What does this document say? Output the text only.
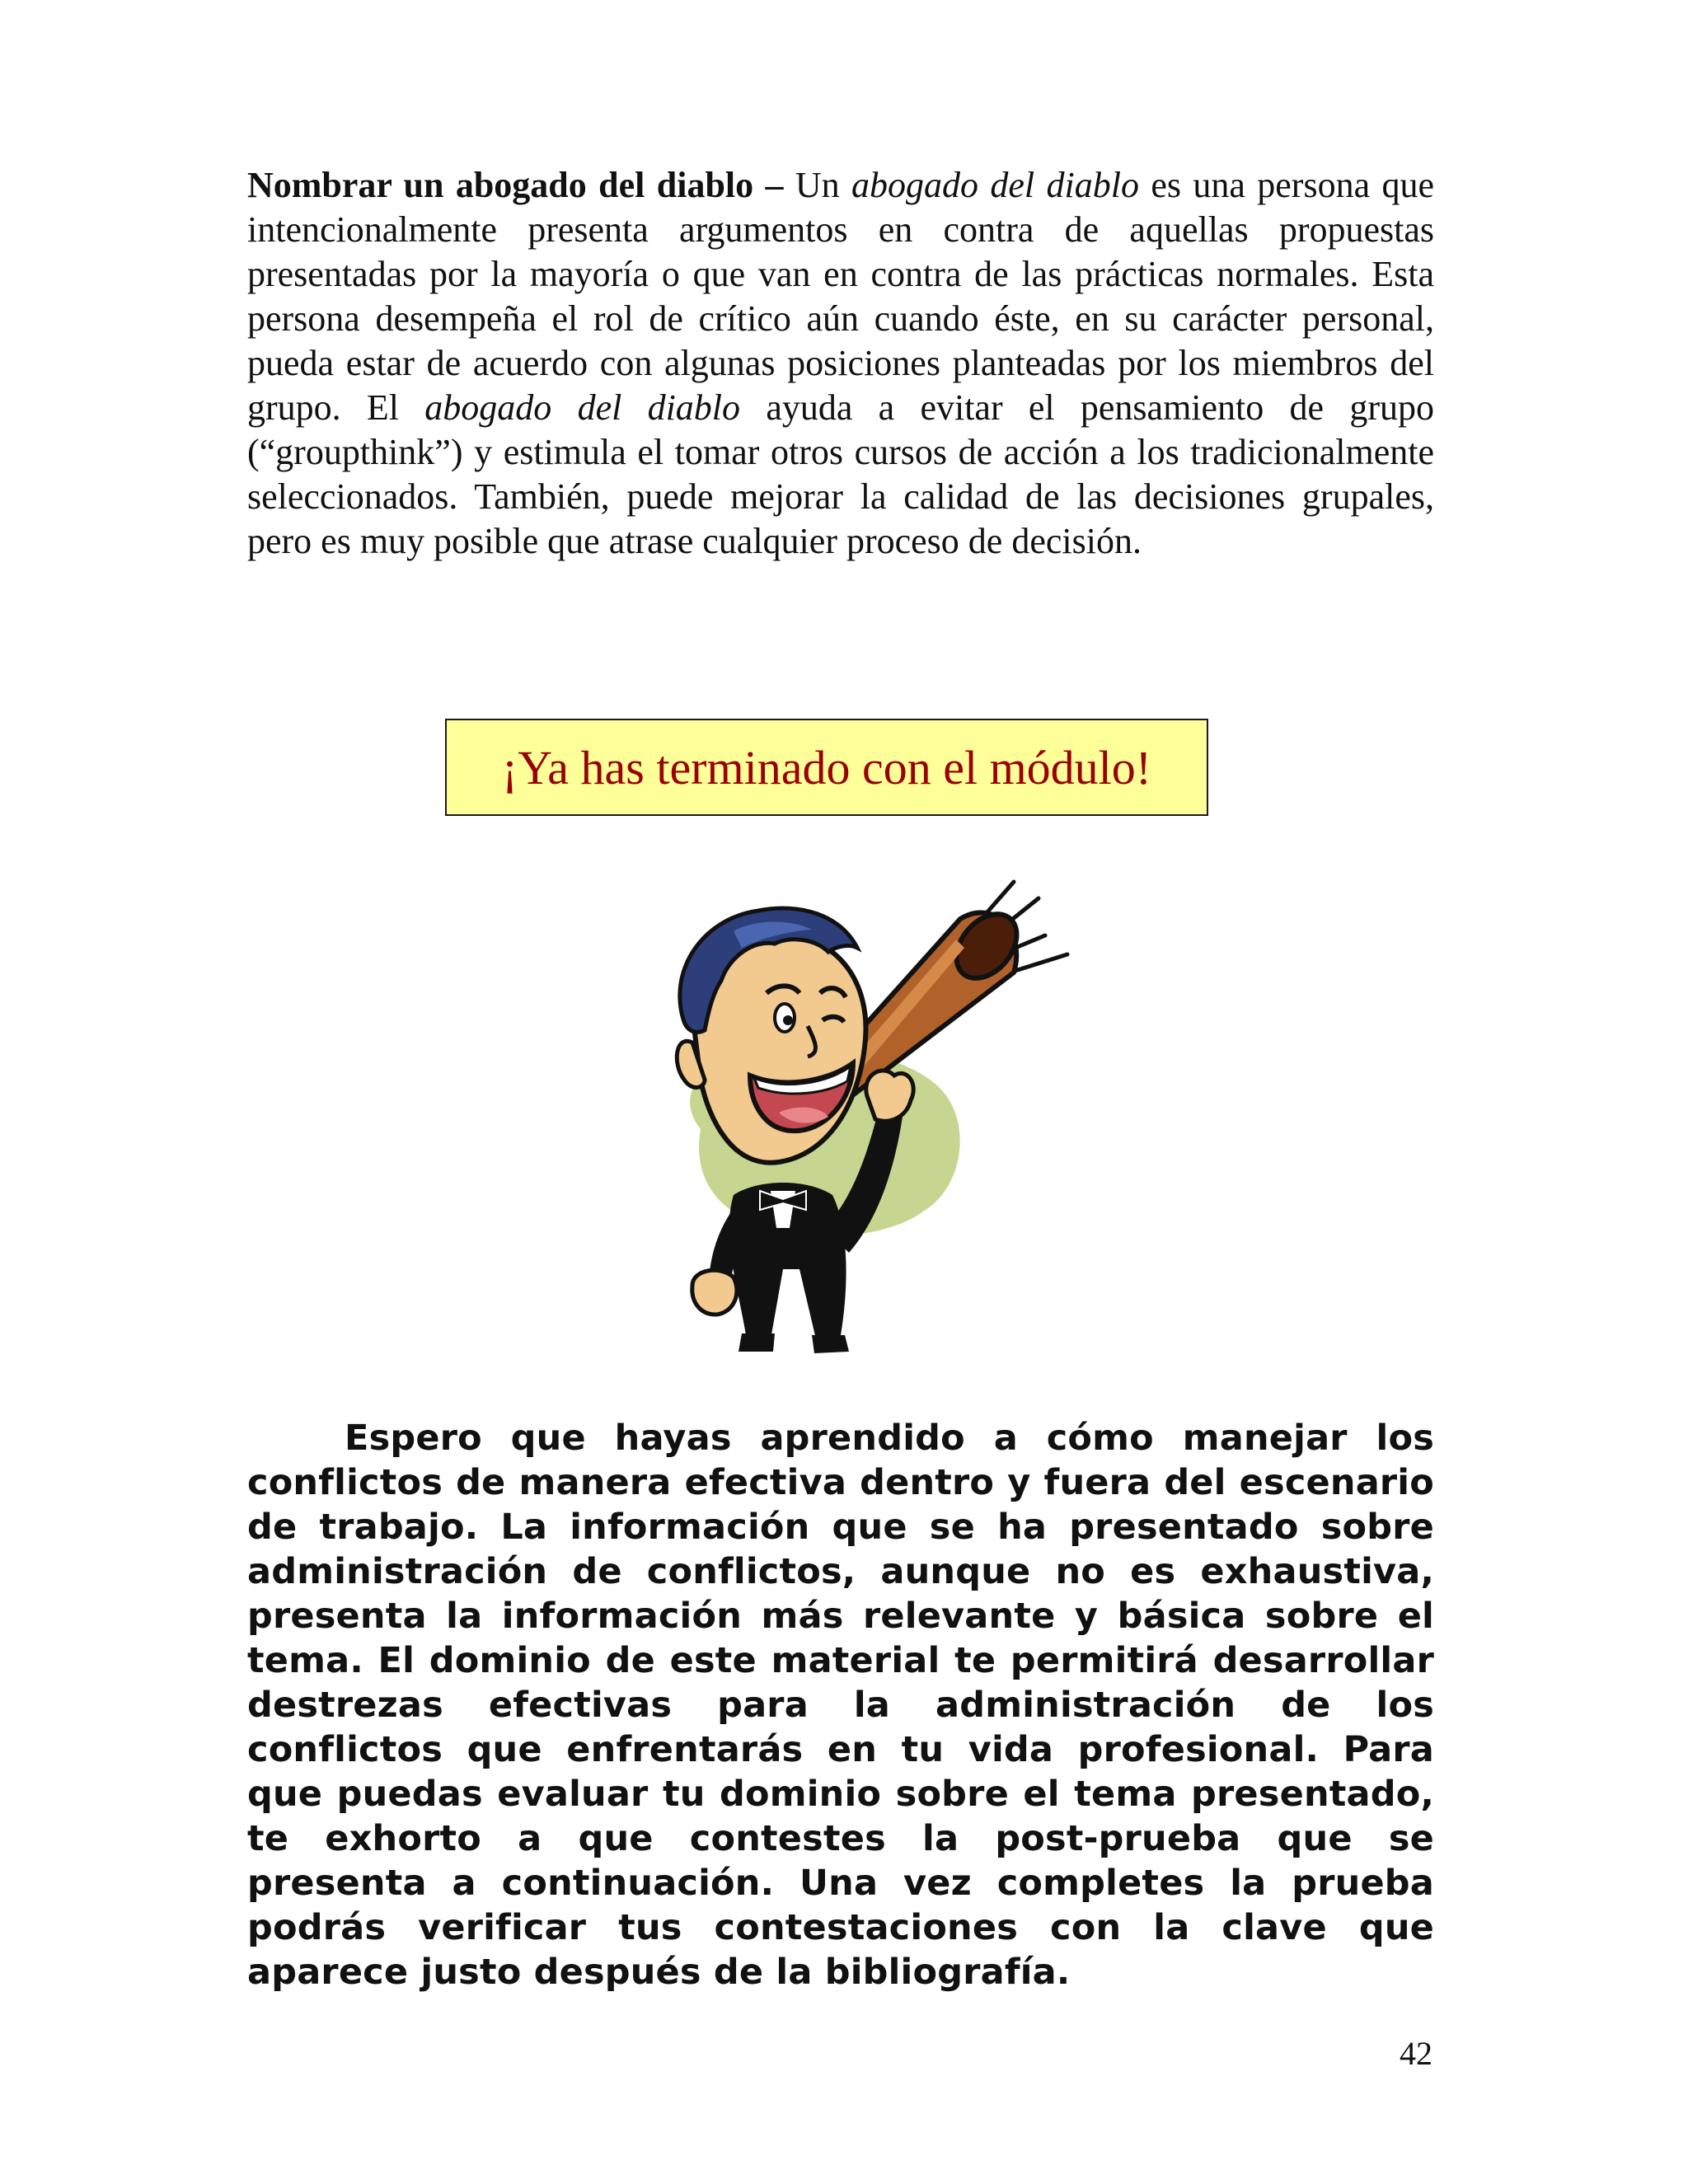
Nombrar un abogado del diablo – Un abogado del diablo es una persona que intencionalmente presenta argumentos en contra de aquellas propuestas presentadas por la mayoría o que van en contra de las prácticas normales. Esta persona desempeña el rol de crítico aún cuando éste, en su carácter personal, pueda estar de acuerdo con algunas posiciones planteadas por los miembros del grupo. El abogado del diablo ayuda a evitar el pensamiento de grupo (“groupthink”) y estimula el tomar otros cursos de acción a los tradicionalmente seleccionados. También, puede mejorar la calidad de las decisiones grupales, pero es muy posible que atrase cualquier proceso de decisión.

¡Ya has terminado con el módulo!

Espero que hayas aprendido a cómo manejar los conflictos de manera efectiva dentro y fuera del escenario de trabajo. La información que se ha presentado sobre administración de conflictos, aunque no es exhaustiva, presenta la información más relevante y básica sobre el tema. El dominio de este material te permitirá desarrollar destrezas efectivas para la administración de los conflictos que enfrentarás en tu vida profesional. Para que puedas evaluar tu dominio sobre el tema presentado, te exhorto a que contestes la post-prueba que se presenta a continuación. Una vez completes la prueba podrás verificar tus contestaciones con la clave que aparece justo después de la bibliografía.

42
